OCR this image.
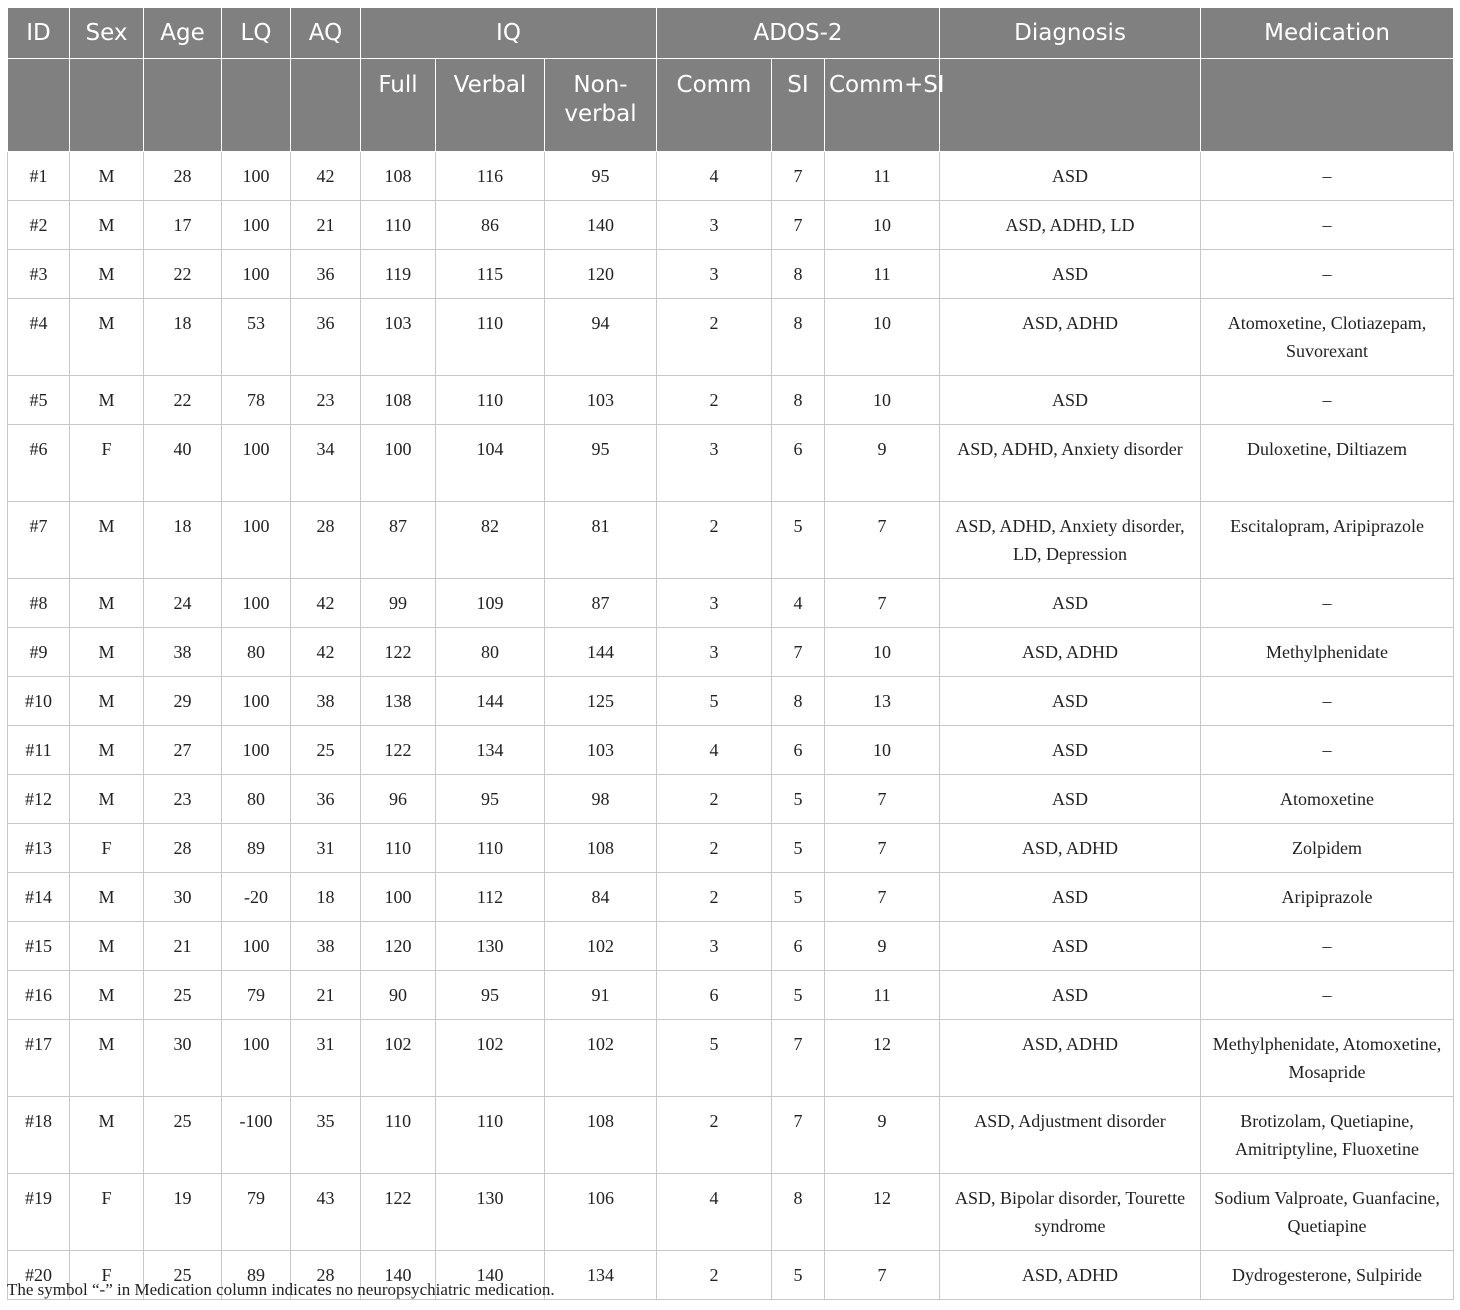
ID	Sex	Age	LQ	AQ	IQ			ADOS-2			Diagnosis	Medication
					Full	Verbal	Non-verbal	Comm	SI	Comm+SI		
#1	M	28	100	42	108	116	95	4	7	11	ASD	–
#2	M	17	100	21	110	86	140	3	7	10	ASD, ADHD, LD	–
#3	M	22	100	36	119	115	120	3	8	11	ASD	–
#4	M	18	53	36	103	110	94	2	8	10	ASD, ADHD	Atomoxetine, Clotiazepam, Suvorexant
#5	M	22	78	23	108	110	103	2	8	10	ASD	–
#6	F	40	100	34	100	104	95	3	6	9	ASD, ADHD, Anxiety disorder	Duloxetine, Diltiazem
#7	M	18	100	28	87	82	81	2	5	7	ASD, ADHD, Anxiety disorder, LD, Depression	Escitalopram, Aripiprazole
#8	M	24	100	42	99	109	87	3	4	7	ASD	–
#9	M	38	80	42	122	80	144	3	7	10	ASD, ADHD	Methylphenidate
#10	M	29	100	38	138	144	125	5	8	13	ASD	–
#11	M	27	100	25	122	134	103	4	6	10	ASD	–
#12	M	23	80	36	96	95	98	2	5	7	ASD	Atomoxetine
#13	F	28	89	31	110	110	108	2	5	7	ASD, ADHD	Zolpidem
#14	M	30	-20	18	100	112	84	2	5	7	ASD	Aripiprazole
#15	M	21	100	38	120	130	102	3	6	9	ASD	–
#16	M	25	79	21	90	95	91	6	5	11	ASD	–
#17	M	30	100	31	102	102	102	5	7	12	ASD, ADHD	Methylphenidate, Atomoxetine, Mosapride
#18	M	25	-100	35	110	110	108	2	7	9	ASD, Adjustment disorder	Brotizolam, Quetiapine, Amitriptyline, Fluoxetine
#19	F	19	79	43	122	130	106	4	8	12	ASD, Bipolar disorder, Tourette syndrome	Sodium Valproate, Guanfacine, Quetiapine
#20	F	25	89	28	140	140	134	2	5	7	ASD, ADHD	Dydrogesterone, Sulpiride
The symbol “-” in Medication column indicates no neuropsychiatric medication.
